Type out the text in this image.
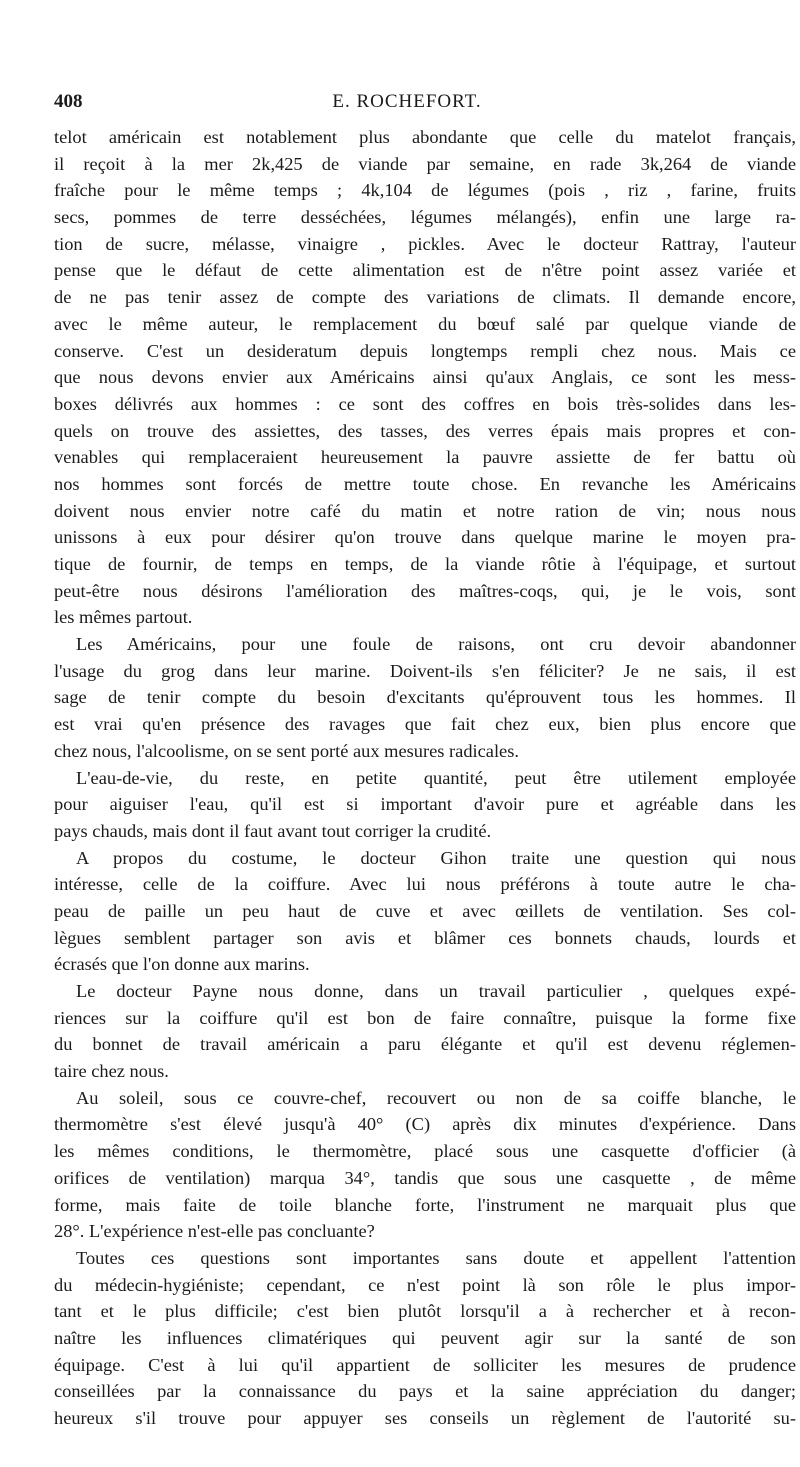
408	E. ROCHEFORT.
telot américain est notablement plus abondante que celle du matelot français,
il reçoit à la mer 2k,425 de viande par semaine, en rade 3k,264 de viande
fraîche pour le même temps ; 4k,104 de légumes (pois , riz , farine, fruits
secs, pommes de terre desséchées, légumes mélangés), enfin une large ra-
tion de sucre, mélasse, vinaigre , pickles. Avec le docteur Rattray, l'auteur
pense que le défaut de cette alimentation est de n'être point assez variée et
de ne pas tenir assez de compte des variations de climats. Il demande encore,
avec le même auteur, le remplacement du bœuf salé par quelque viande de
conserve. C'est un desideratum depuis longtemps rempli chez nous. Mais ce
que nous devons envier aux Américains ainsi qu'aux Anglais, ce sont les mess-
boxes délivrés aux hommes : ce sont des coffres en bois très-solides dans les-
quels on trouve des assiettes, des tasses, des verres épais mais propres et con-
venables qui remplaceraient heureusement la pauvre assiette de fer battu où
nos hommes sont forcés de mettre toute chose. En revanche les Américains
doivent nous envier notre café du matin et notre ration de vin; nous nous
unissons à eux pour désirer qu'on trouve dans quelque marine le moyen pra-
tique de fournir, de temps en temps, de la viande rôtie à l'équipage, et surtout
peut-être nous désirons l'amélioration des maîtres-coqs, qui, je le vois, sont
les mêmes partout.
Les Américains, pour une foule de raisons, ont cru devoir abandonner
l'usage du grog dans leur marine. Doivent-ils s'en féliciter? Je ne sais, il est
sage de tenir compte du besoin d'excitants qu'éprouvent tous les hommes. Il
est vrai qu'en présence des ravages que fait chez eux, bien plus encore que
chez nous, l'alcoolisme, on se sent porté aux mesures radicales.
L'eau-de-vie, du reste, en petite quantité, peut être utilement employée
pour aiguiser l'eau, qu'il est si important d'avoir pure et agréable dans les
pays chauds, mais dont il faut avant tout corriger la crudité.
A propos du costume, le docteur Gihon traite une question qui nous
intéresse, celle de la coiffure. Avec lui nous préférons à toute autre le cha-
peau de paille un peu haut de cuve et avec œillets de ventilation. Ses col-
lègues semblent partager son avis et blâmer ces bonnets chauds, lourds et
écrasés que l'on donne aux marins.
Le docteur Payne nous donne, dans un travail particulier , quelques expé-
riences sur la coiffure qu'il est bon de faire connaître, puisque la forme fixe
du bonnet de travail américain a paru élégante et qu'il est devenu réglemen-
taire chez nous.
Au soleil, sous ce couvre-chef, recouvert ou non de sa coiffe blanche, le
thermomètre s'est élevé jusqu'à 40° (C) après dix minutes d'expérience. Dans
les mêmes conditions, le thermomètre, placé sous une casquette d'officier (à
orifices de ventilation) marqua 34°, tandis que sous une casquette , de même
forme, mais faite de toile blanche forte, l'instrument ne marquait plus que
28°. L'expérience n'est-elle pas concluante?
Toutes ces questions sont importantes sans doute et appellent l'attention
du médecin-hygiéniste; cependant, ce n'est point là son rôle le plus impor-
tant et le plus difficile; c'est bien plutôt lorsqu'il a à rechercher et à recon-
naître les influences climatériques qui peuvent agir sur la santé de son
équipage. C'est à lui qu'il appartient de solliciter les mesures de prudence
conseillées par la connaissance du pays et la saine appréciation du danger;
heureux s'il trouve pour appuyer ses conseils un règlement de l'autorité su-
